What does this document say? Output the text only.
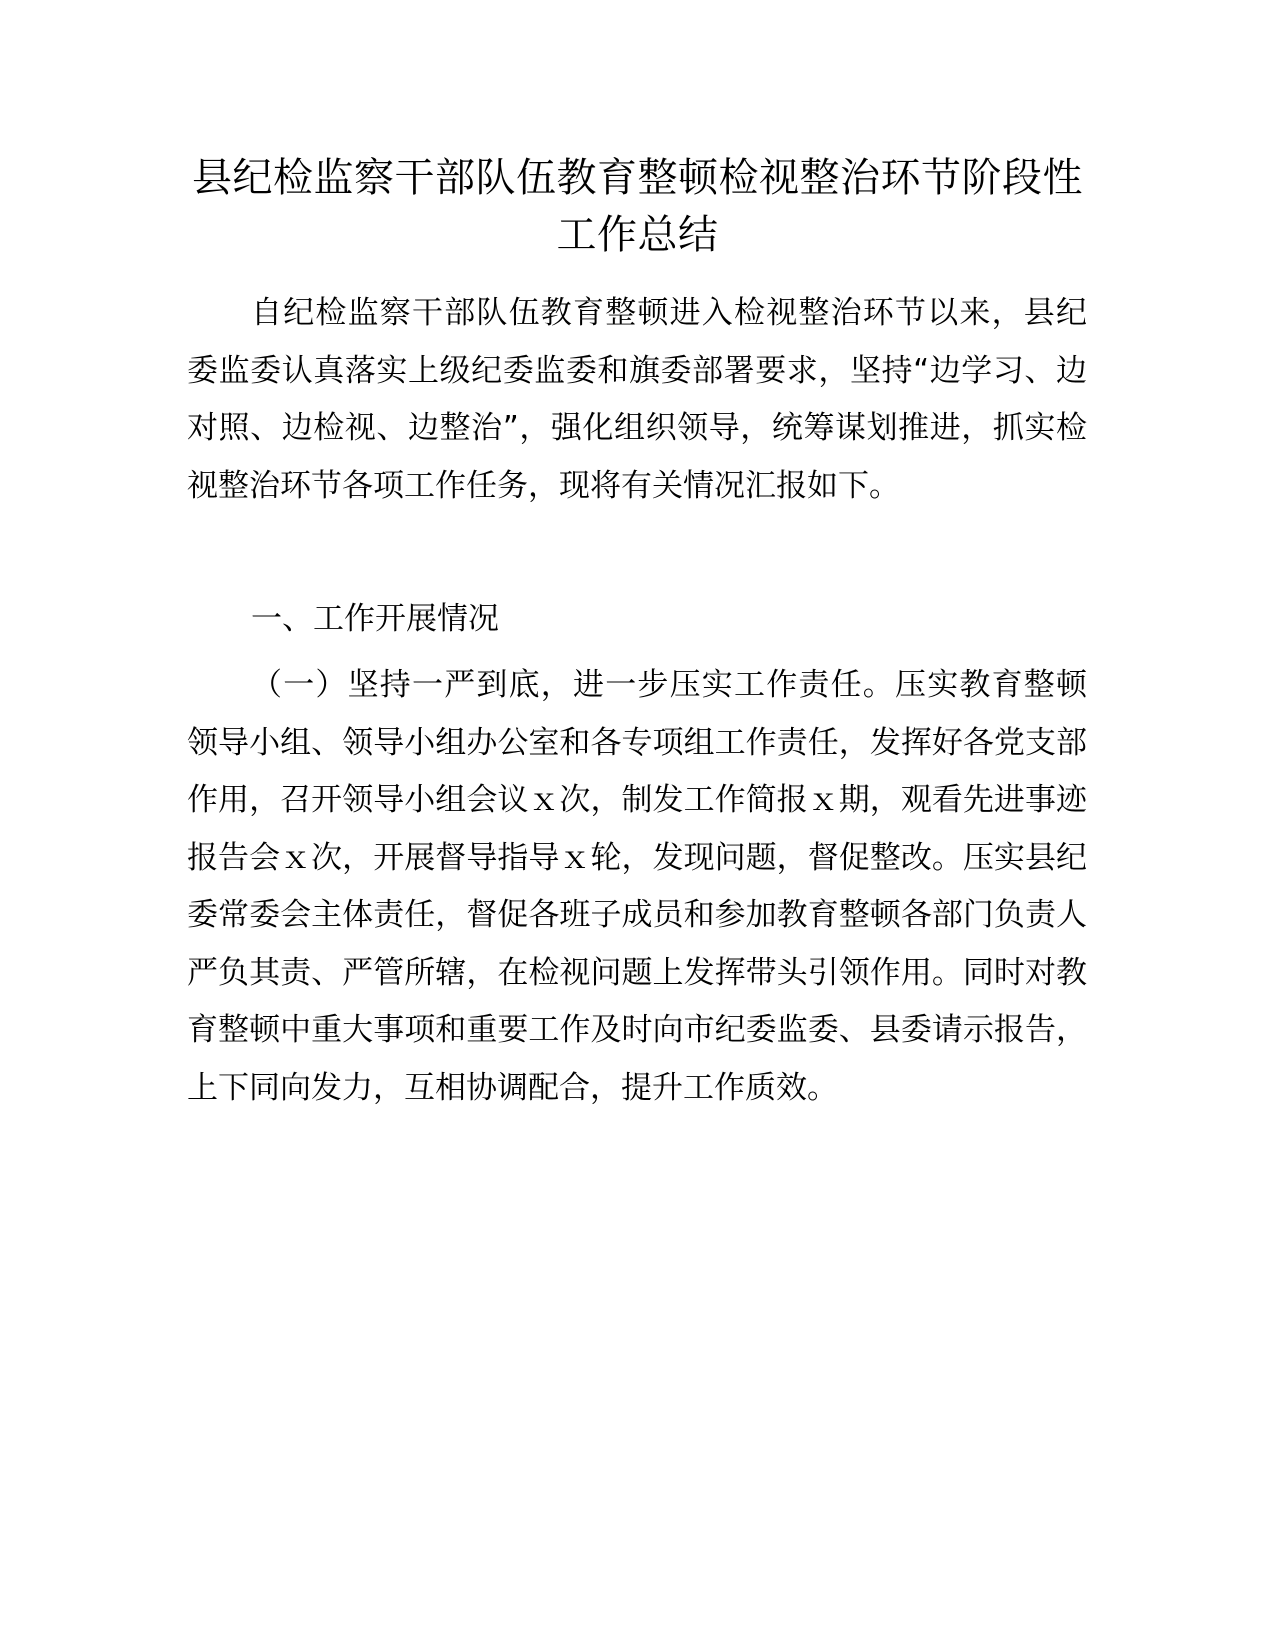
县纪检监察干部队伍教育整顿检视整治环节阶段性工作总结

自纪检监察干部队伍教育整顿进入检视整治环节以来，县纪委监委认真落实上级纪委监委和旗委部署要求，坚持“边学习、边对照、边检视、边整治”，强化组织领导，统筹谋划推进，抓实检视整治环节各项工作任务，现将有关情况汇报如下。

一、工作开展情况

（一）坚持一严到底，进一步压实工作责任。压实教育整顿领导小组、领导小组办公室和各专项组工作责任，发挥好各党支部作用，召开领导小组会议ｘ次，制发工作简报ｘ期，观看先进事迹报告会ｘ次，开展督导指导ｘ轮，发现问题，督促整改。压实县纪委常委会主体责任，督促各班子成员和参加教育整顿各部门负责人严负其责、严管所辖，在检视问题上发挥带头引领作用。同时对教育整顿中重大事项和重要工作及时向市纪委监委、县委请示报告，上下同向发力，互相协调配合，提升工作质效。
